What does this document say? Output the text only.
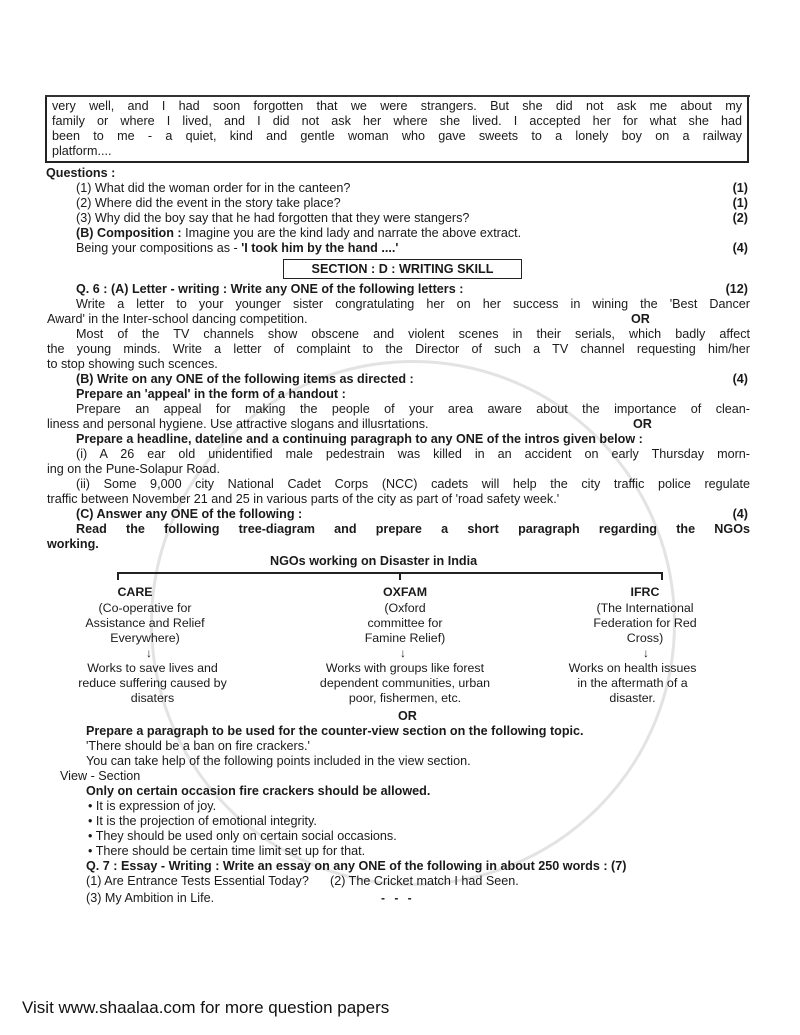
very well, and I had soon forgotten that we were strangers. But she did not ask me about my
family or where I lived, and I did not ask her where she lived. I accepted her for what she had
been to me - a quiet, kind and gentle woman who gave sweets to a lonely boy on a railway
platform....
Questions :
(1) What did the woman order for in the canteen?	(1)
(2) Where did the event in the story take place?	(1)
(3) Why did the boy say that he had forgotten that they were stangers?	(2)
(B) Composition : Imagine you are the kind lady and narrate the above extract.
Being your compositions as - 'I took him by the hand ....'	(4)
SECTION : D : WRITING SKILL
Q. 6 : (A) Letter - writing : Write any ONE of the following letters :	(12)
Write a letter to your younger sister congratulating her on her success in wining the 'Best Dancer
Award' in the Inter-school dancing competition.	OR
Most of the TV channels show obscene and violent scenes in their serials, which badly affect
the young minds. Write a letter of complaint to the Director of such a TV channel requesting him/her
to stop showing such scences.
(B) Write on any ONE of the following items as directed :	(4)
Prepare an 'appeal' in the form of a handout :
Prepare an appeal for making the people of your area aware about the importance of clean-
liness and personal hygiene. Use attractive slogans and illusrtations.	OR
Prepare a headline, dateline and a continuing paragraph to any ONE of the intros given below :
(i) A 26 ear old unidentified male pedestrain was killed in an accident on early Thursday morn-
ing on the Pune-Solapur Road.
(ii) Some 9,000 city National Cadet Corps (NCC) cadets will help the city traffic police regulate
traffic between November 21 and 25 in various parts of the city as part of 'road safety week.'
(C) Answer any ONE of the following :	(4)
Read the following tree-diagram and prepare a short paragraph regarding the NGOs
working.
NGOs working on Disaster in India
CARE
(Co-operative for
Assistance and Relief
Everywhere)
↓
Works to save lives and
reduce suffering caused by
disaters
OXFAM
(Oxford
committee for
Famine Relief)
↓
Works with groups like forest
dependent communities, urban
poor, fishermen, etc.
IFRC
(The International
Federation for Red
Cross)
↓
Works on health issues
in the aftermath of a
disaster.
OR
Prepare a paragraph to be used for the counter-view section on the following topic.
'There should be a ban on fire crackers.'
You can take help of the following points included in the view section.
View - Section
Only on certain occasion fire crackers should be allowed.
• It is expression of joy.
• It is the projection of emotional integrity.
• They should be used only on certain social occasions.
• There should be certain time limit set up for that.
Q. 7 : Essay - Writing : Write an essay on any ONE of the following in about 250 words : (7)
(1) Are Entrance Tests Essential Today? (2) The Cricket match I had Seen.
(3) My Ambition in Life.	- - -
Visit www.shaalaa.com for more question papers
